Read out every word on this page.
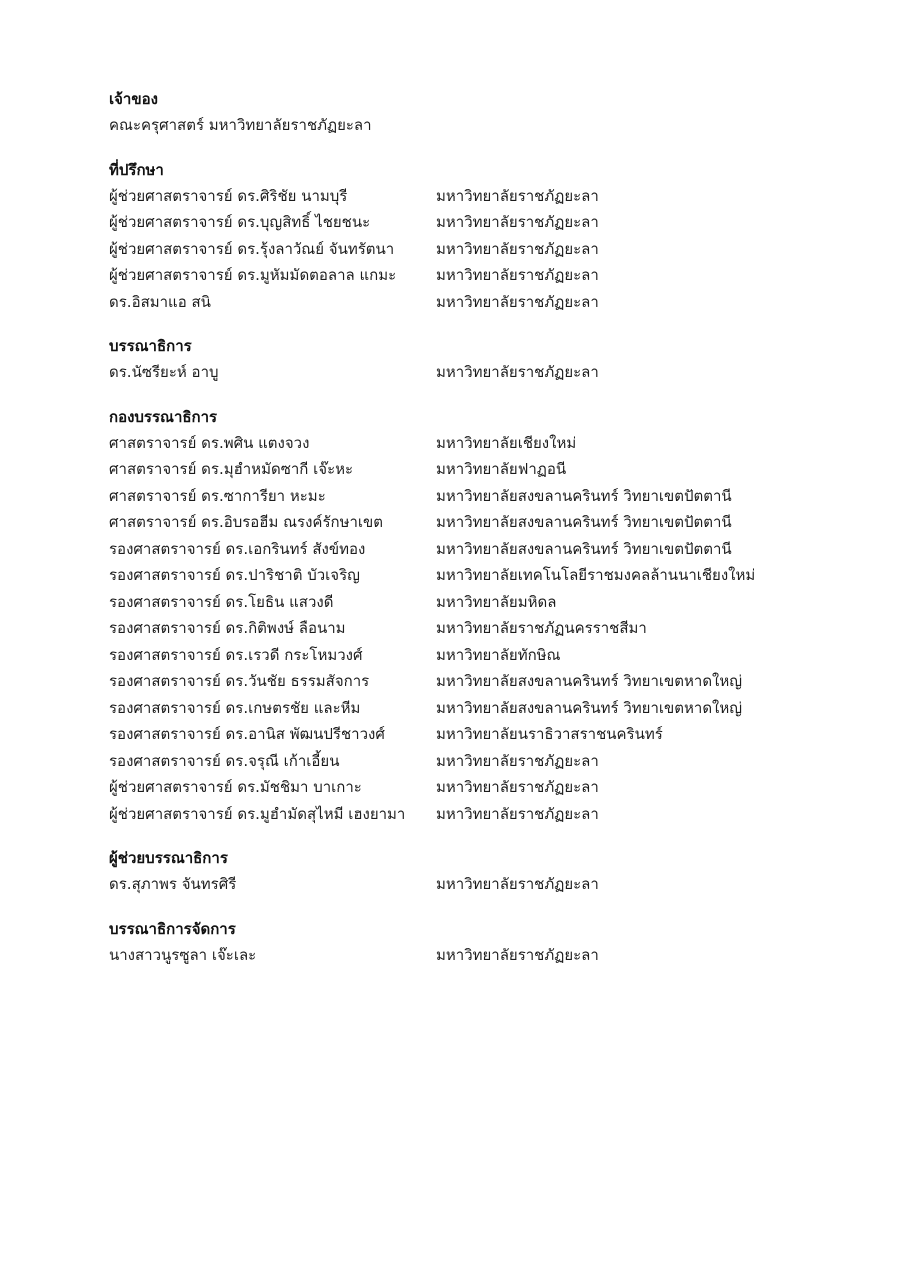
เจ้าของ
คณะครุศาสตร์ มหาวิทยาลัยราชภัฏยะลา
ที่ปรึกษา
ผู้ช่วยศาสตราจารย์ ดร.ศิริชัย นามบุรี	มหาวิทยาลัยราชภัฏยะลา
ผู้ช่วยศาสตราจารย์ ดร.บุญสิทธิ์ ไชยชนะ	มหาวิทยาลัยราชภัฏยะลา
ผู้ช่วยศาสตราจารย์ ดร.รุ้งลาวัณย์ จันทรัตนา	มหาวิทยาลัยราชภัฏยะลา
ผู้ช่วยศาสตราจารย์ ดร.มูหัมมัดตอลาล แกมะ	มหาวิทยาลัยราชภัฏยะลา
ดร.อิสมาแอ สนิ	มหาวิทยาลัยราชภัฏยะลา
บรรณาธิการ
ดร.นัซรียะห์ อาบู	มหาวิทยาลัยราชภัฏยะลา
กองบรรณาธิการ
ศาสตราจารย์ ดร.พศิน แตงจวง	มหาวิทยาลัยเชียงใหม่
ศาสตราจารย์ ดร.มุฮำหมัดซากี เจ๊ะหะ	มหาวิทยาลัยฟาฏอนี
ศาสตราจารย์ ดร.ซาการียา หะมะ	มหาวิทยาลัยสงขลานครินทร์ วิทยาเขตปัตตานี
ศาสตราจารย์ ดร.อิบรอฮีม ณรงค์รักษาเขต	มหาวิทยาลัยสงขลานครินทร์ วิทยาเขตปัตตานี
รองศาสตราจารย์ ดร.เอกรินทร์ สังข์ทอง	มหาวิทยาลัยสงขลานครินทร์ วิทยาเขตปัตตานี
รองศาสตราจารย์ ดร.ปาริชาติ บัวเจริญ	มหาวิทยาลัยเทคโนโลยีราชมงคลล้านนาเชียงใหม่
รองศาสตราจารย์ ดร.โยธิน แสวงดี	มหาวิทยาลัยมหิดล
รองศาสตราจารย์ ดร.กิติพงษ์ ลือนาม	มหาวิทยาลัยราชภัฏนครราชสีมา
รองศาสตราจารย์ ดร.เรวดี กระโหมวงศ์	มหาวิทยาลัยทักษิณ
รองศาสตราจารย์ ดร.วันชัย ธรรมสัจการ	มหาวิทยาลัยสงขลานครินทร์ วิทยาเขตหาดใหญ่
รองศาสตราจารย์ ดร.เกษตรชัย และหีม	มหาวิทยาลัยสงขลานครินทร์ วิทยาเขตหาดใหญ่
รองศาสตราจารย์ ดร.อานิส พัฒนปรีชาวงศ์	มหาวิทยาลัยนราธิวาสราชนครินทร์
รองศาสตราจารย์ ดร.จรุณี เก้าเอี้ยน	มหาวิทยาลัยราชภัฏยะลา
ผู้ช่วยศาสตราจารย์ ดร.มัชชิมา บาเกาะ	มหาวิทยาลัยราชภัฏยะลา
ผู้ช่วยศาสตราจารย์ ดร.มูฮำมัดสุไหมี เฮงยามา	มหาวิทยาลัยราชภัฏยะลา
ผู้ช่วยบรรณาธิการ
ดร.สุภาพร จันทรศิรี	มหาวิทยาลัยราชภัฏยะลา
บรรณาธิการจัดการ
นางสาวนูรซูลา เจ๊ะเละ	มหาวิทยาลัยราชภัฏยะลา
